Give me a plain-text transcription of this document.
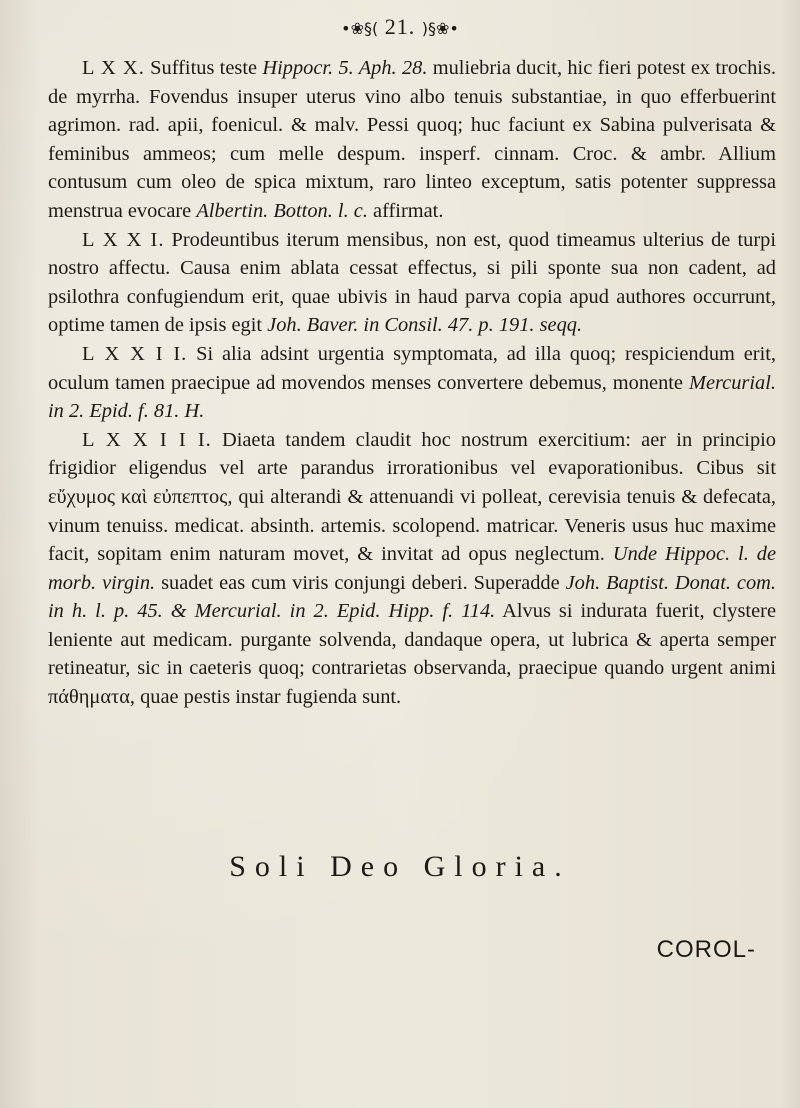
•❀§( 21. )§❀•

L X X. Suffitus teste Hippocr. 5. Aph. 28. muliebria ducit, hic fieri potest ex trochis. de myrrha. Fovendus insuper uterus vino albo tenuis substantiae, in quo efferbuerint agrimon. rad. apii, foenicul. & malv. Pessi quoq; huc faciunt ex Sabina pulverisata & feminibus ammeos; cum melle despum. insperf. cinnam. Croc. & ambr. Allium contusum cum oleo de spica mixtum, raro linteo exceptum, satis potenter suppressa menstrua evocare Albertin. Botton. l. c. affirmat.

L X X I. Prodeuntibus iterum mensibus, non est, quod timeamus ulterius de turpi nostro affectu. Causa enim ablata cessat effectus, si pili sponte sua non cadent, ad psilothra confugiendum erit, quae ubivis in haud parva copia apud authores occurrunt, optime tamen de ipsis egit Joh. Baver. in Consil. 47. p. 191. seqq.

L X X I I. Si alia adsint urgentia symptomata, ad illa quoq; respiciendum erit, oculum tamen praecipue ad movendos menses convertere debemus, monente Mercurial. in 2. Epid. f. 81. H.

L X X I I I. Diaeta tandem claudit hoc nostrum exercitium: aer in principio frigidior eligendus vel arte parandus irrorationibus vel evaporationibus. Cibus sit εὔχυμος καὶ εὐπεπτος, qui alterandi & attenuandi vi polleat, cerevisia tenuis & defecata, vinum tenuiss. medicat. absinth. artemis. scolopend. matricar. Veneris usus huc maxime facit, sopitam enim naturam movet, & invitat ad opus neglectum. Unde Hippoc. l. de morb. virgin. suadet eas cum viris conjungi deberi. Superadde Joh. Baptist. Donat. com. in h. l. p. 45. & Mercurial. in 2. Epid. Hipp. f. 114. Alvus si indurata fuerit, clystere leniente aut medicam. purgante solvenda, dandaque opera, ut lubrica & aperta semper retineatur, sic in caeteris quoq; contrarietas observanda, praecipue quando urgent animi πάθηματα, quae pestis instar fugienda sunt.

Soli Deo Gloria.
COROL-
